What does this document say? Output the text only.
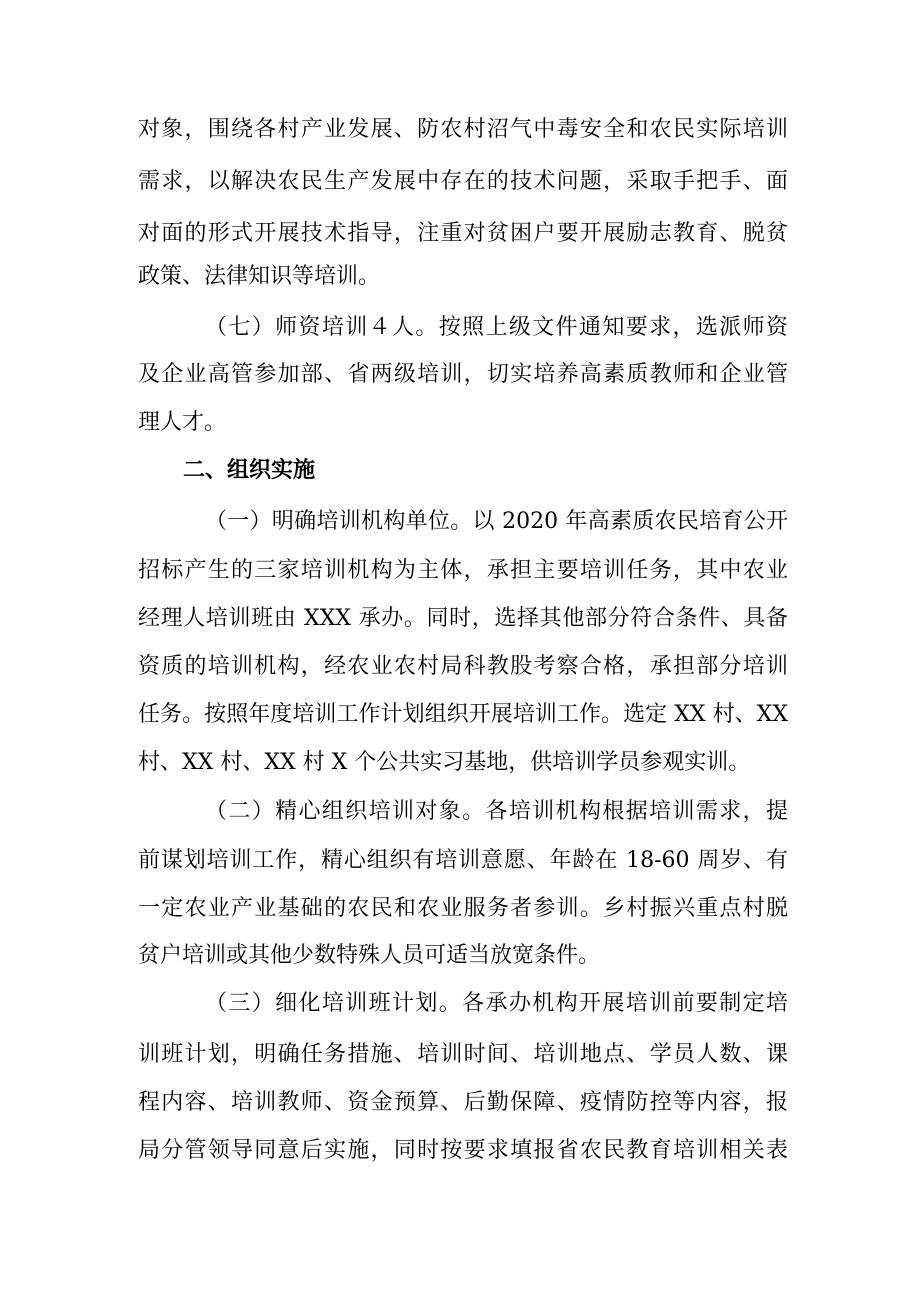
对象，围绕各村产业发展、防农村沼气中毒安全和农民实际培训
需求，以解决农民生产发展中存在的技术问题，采取手把手、面
对面的形式开展技术指导，注重对贫困户要开展励志教育、脱贫
政策、法律知识等培训。
（七）师资培训４人。按照上级文件通知要求，选派师资
及企业高管参加部、省两级培训，切实培养高素质教师和企业管
理人才。
二、组织实施
（一）明确培训机构单位。以 2020 年高素质农民培育公开
招标产生的三家培训机构为主体，承担主要培训任务，其中农业
经理人培训班由 XXX 承办。同时，选择其他部分符合条件、具备
资质的培训机构，经农业农村局科教股考察合格，承担部分培训
任务。按照年度培训工作计划组织开展培训工作。选定 XX 村、XX
村、XX 村、XX 村 X 个公共实习基地，供培训学员参观实训。
（二）精心组织培训对象。各培训机构根据培训需求，提
前谋划培训工作，精心组织有培训意愿、年龄在 18-60 周岁、有
一定农业产业基础的农民和农业服务者参训。乡村振兴重点村脱
贫户培训或其他少数特殊人员可适当放宽条件。
（三）细化培训班计划。各承办机构开展培训前要制定培
训班计划，明确任务措施、培训时间、培训地点、学员人数、课
程内容、培训教师、资金预算、后勤保障、疫情防控等内容，报
局分管领导同意后实施，同时按要求填报省农民教育培训相关表
